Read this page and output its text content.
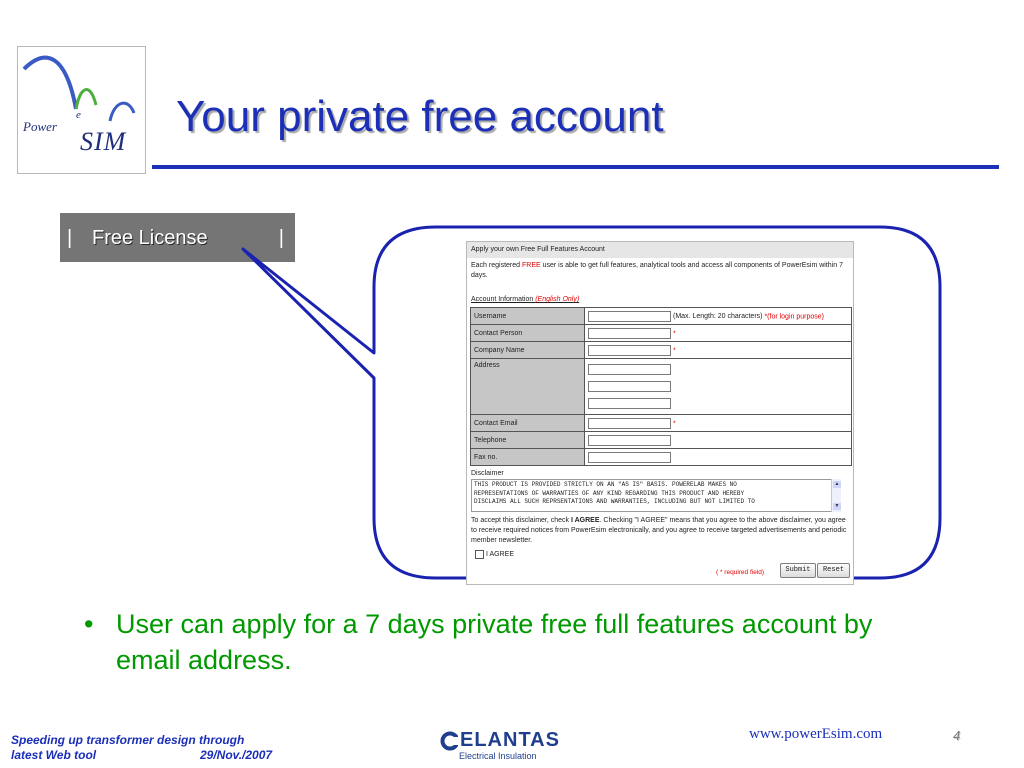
Power
e
SIM
Your private free account
| Free License	|
Apply your own Free Full Features Account
Each registered FREE user is able to get full features, analytical tools and access all components of PowerEsim within 7 days.
Account Information (English Only)
Username	(Max. Length: 20 characters) *(for login purpose)
Contact Person	*
Company Name	*
Address	

Contact Email	*
Telephone	
Fax no.	
Disclaimer
THIS PRODUCT IS PROVIDED STRICTLY ON AN "AS IS" BASIS. POWERELAB MAKES NO
REPRESENTATIONS OF WARRANTIES OF ANY KIND REGARDING THIS PRODUCT AND HEREBY
DISCLAIMS ALL SUCH REPRSENTATIONS AND WARRANTIES, INCLUDING BUT NOT LIMITED TO
▲
▼
To accept this disclaimer, check I AGREE. Checking "I AGREE" means that you agree to the above disclaimer, you agree to receive required notices from PowerEsim electronically, and you agree to receive targeted advertisements and periodic member newsletter.
I AGREE
( * required field)	Submit	Reset
• User can apply for a 7 days private free full features account by email address.
Speeding up transformer design through
latest Web tool	29/Nov./2007
ELANTAS
Electrical Insulation
www.powerEsim.com	4
